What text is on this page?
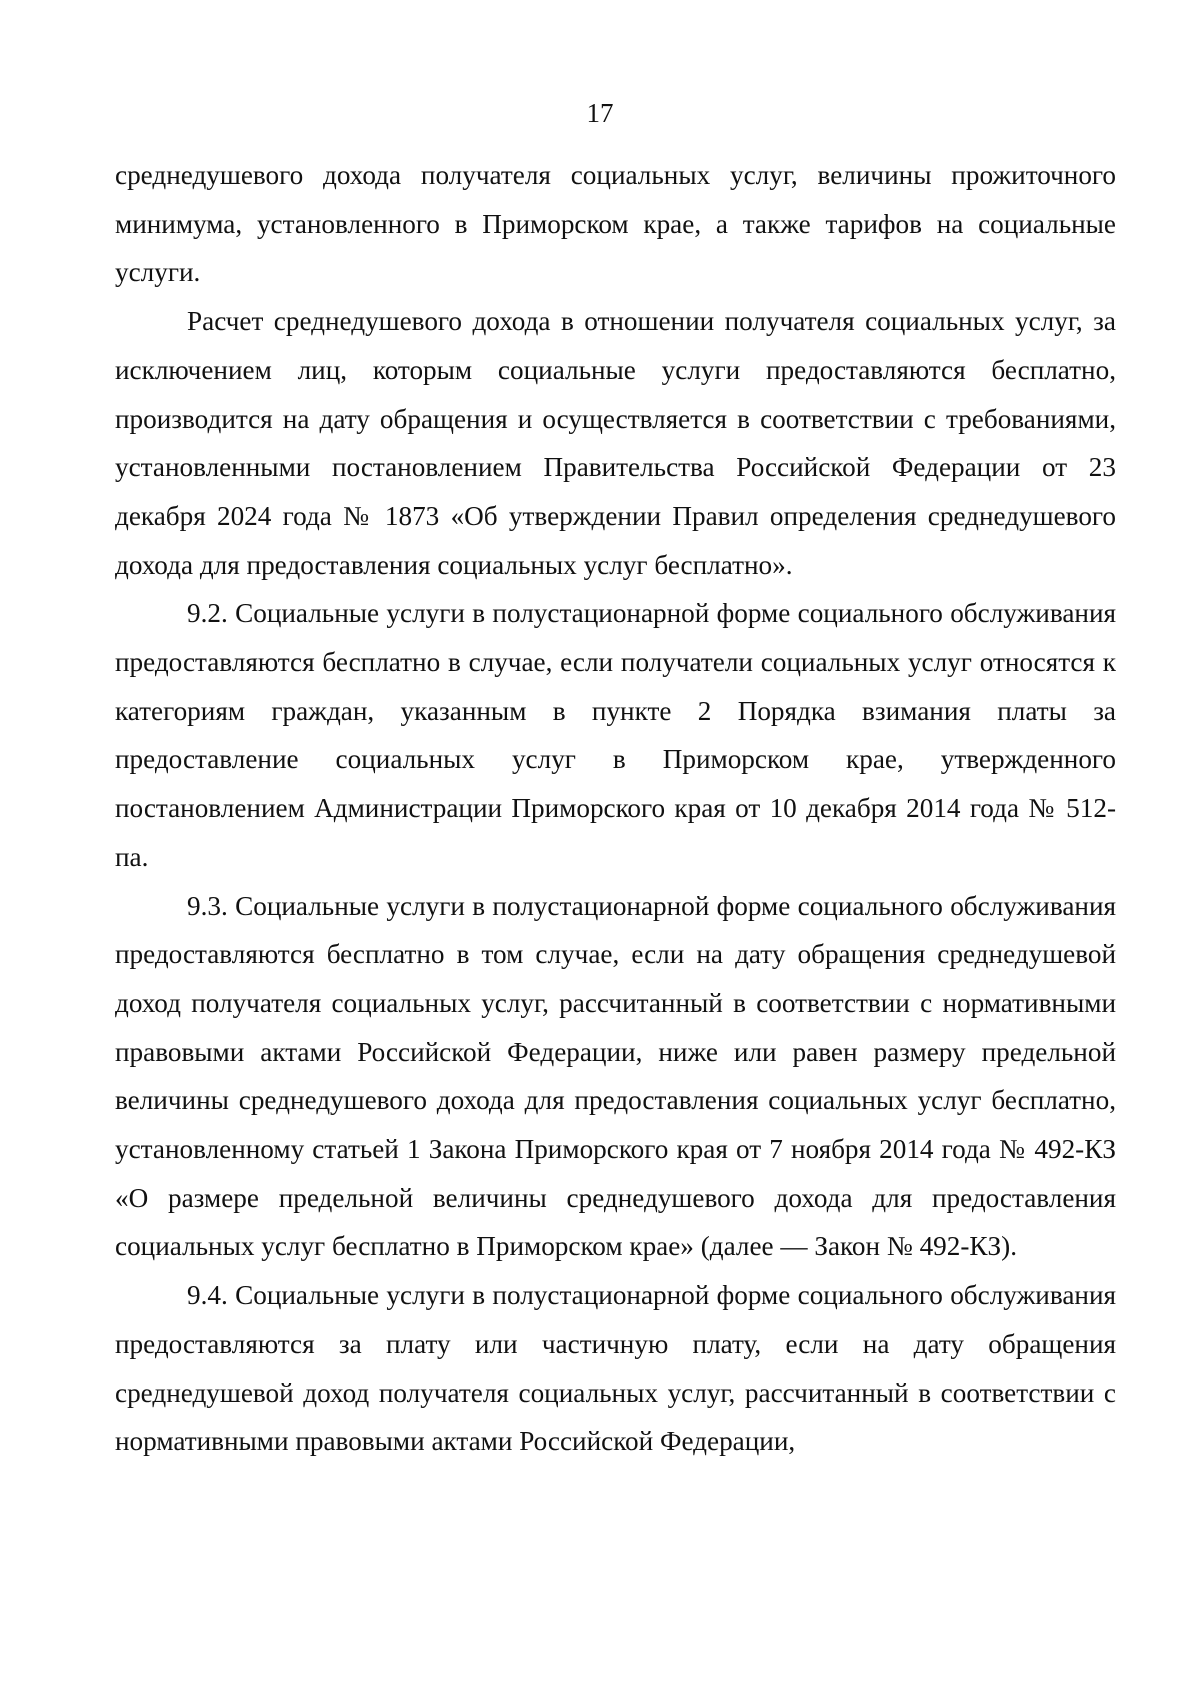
17

среднедушевого дохода получателя социальных услуг, величины прожиточного минимума, установленного в Приморском крае, а также тарифов на социальные услуги.

Расчет среднедушевого дохода в отношении получателя социальных услуг, за исключением лиц, которым социальные услуги предоставляются бесплатно, производится на дату обращения и осуществляется в соответствии с требованиями, установленными постановлением Правительства Российской Федерации от 23 декабря 2024 года № 1873 «Об утверждении Правил определения среднедушевого дохода для предоставления социальных услуг бесплатно».

9.2. Социальные услуги в полустационарной форме социального обслуживания предоставляются бесплатно в случае, если получатели социальных услуг относятся к категориям граждан, указанным в пункте 2 Порядка взимания платы за предоставление социальных услуг в Приморском крае, утвержденного постановлением Администрации Приморского края от 10 декабря 2014 года № 512-па.

9.3. Социальные услуги в полустационарной форме социального обслуживания предоставляются бесплатно в том случае, если на дату обращения среднедушевой доход получателя социальных услуг, рассчитанный в соответствии с нормативными правовыми актами Российской Федерации, ниже или равен размеру предельной величины среднедушевого дохода для предоставления социальных услуг бесплатно, установленному статьей 1 Закона Приморского края от 7 ноября 2014 года № 492-КЗ «О размере предельной величины среднедушевого дохода для предоставления социальных услуг бесплатно в Приморском крае» (далее — Закон № 492-КЗ).

9.4. Социальные услуги в полустационарной форме социального обслуживания предоставляются за плату или частичную плату, если на дату обращения среднедушевой доход получателя социальных услуг, рассчитанный в соответствии с нормативными правовыми актами Российской Федерации,
